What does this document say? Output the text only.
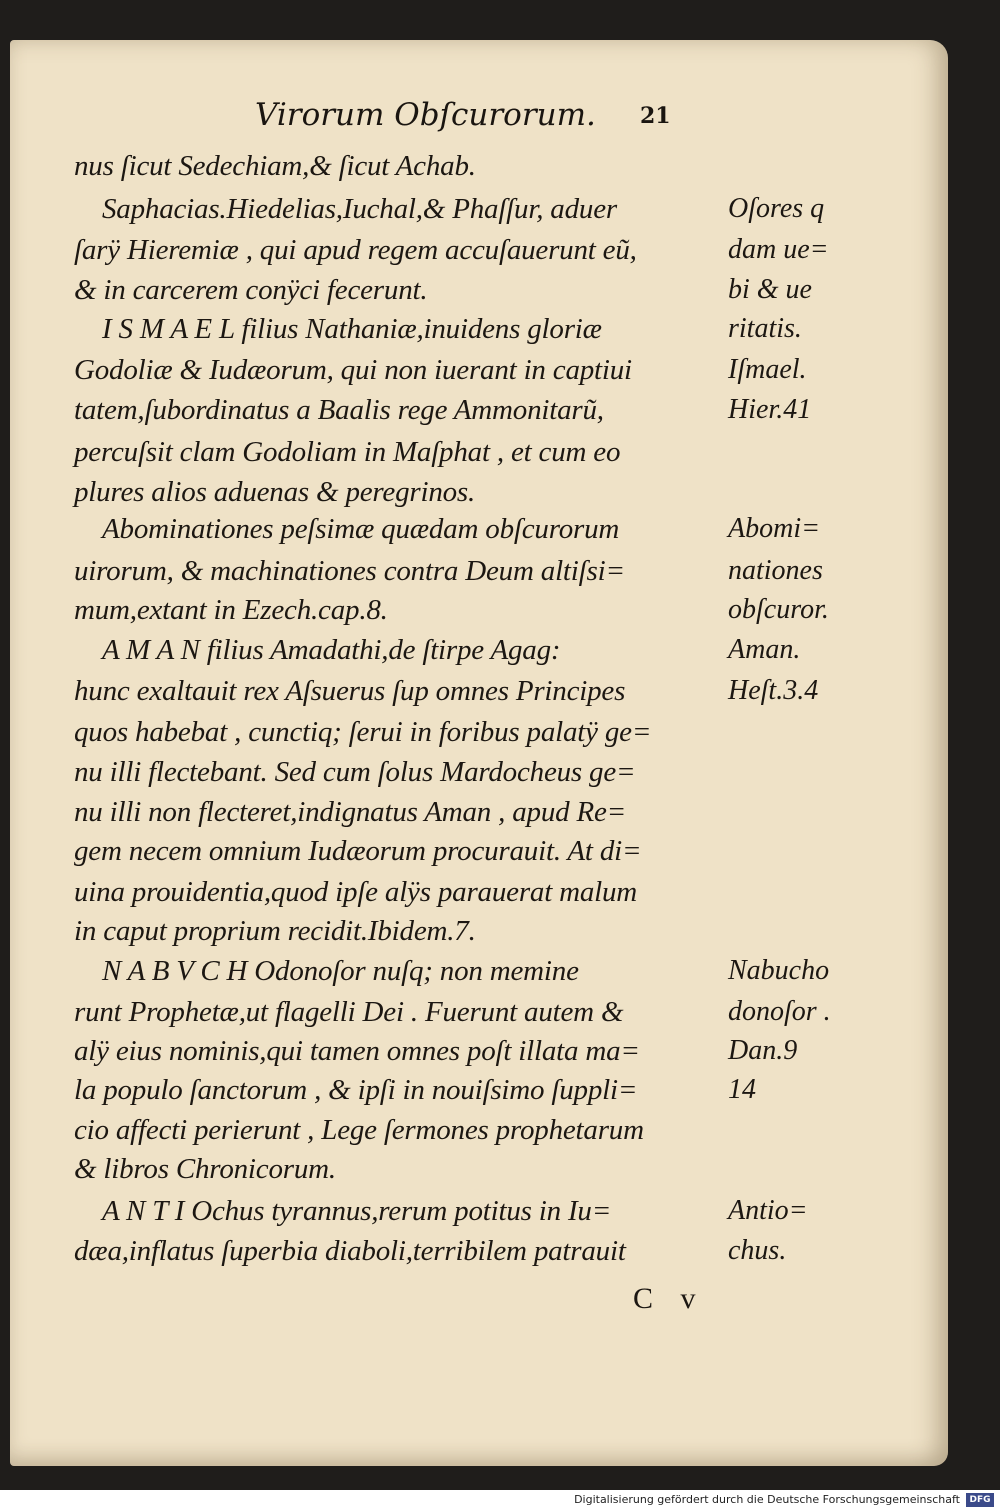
Virorum Obſcurorum. 21
nus ſicut Sedechiam,& ſicut Achab.
Saphacias.Hiedelias,Iuchal,& Phaſſur, aduer
ſarÿ Hieremiæ , qui apud regem accuſauerunt eũ,
& in carcerem conÿci fecerunt.
I S M A E L filius Nathaniæ,inuidens gloriæ
Godoliæ & Iudæorum, qui non iuerant in captiui
tatem,ſubordinatus a Baalis rege Ammonitarũ,
percuſsit clam Godoliam in Maſphat , et cum eo
plures alios aduenas & peregrinos.
Abominationes peſsimæ quædam obſcurorum
uirorum, & machinationes contra Deum altiſsi=
mum,extant in Ezech.cap.8.
A M A N filius Amadathi,de ſtirpe Agag:
hunc exaltauit rex Aſsuerus ſup omnes Principes
quos habebat , cunctiq; ſerui in foribus palatÿ ge=
nu illi flectebant. Sed cum ſolus Mardocheus ge=
nu illi non flecteret,indignatus Aman , apud Re=
gem necem omnium Iudæorum procurauit. At di=
uina prouidentia,quod ipſe alÿs parauerat malum
in caput proprium recidit.Ibidem.7.
N A B V C H Odonoſor nuſq; non memine
runt Prophetæ,ut flagelli Dei . Fuerunt autem &
alÿ eius nominis,qui tamen omnes poſt illata ma=
la populo ſanctorum , & ipſi in nouiſsimo ſuppli=
cio affecti perierunt , Lege ſermones prophetarum
& libros Chronicorum.
A N T I Ochus tyrannus,rerum potitus in Iu=
dæa,inflatus ſuperbia diaboli,terribilem patrauit
Oſores q
dam ue=
bi & ue
ritatis.
Iſmael.
Hier.41
Abomi=
nationes
obſcuror.
Aman.
Heſt.3.4
Nabucho
donoſor .
Dan.9
14
Antio=
chus.
C v
Digitalisierung gefördert durch die Deutsche Forschungsgemeinschaft	DFG
